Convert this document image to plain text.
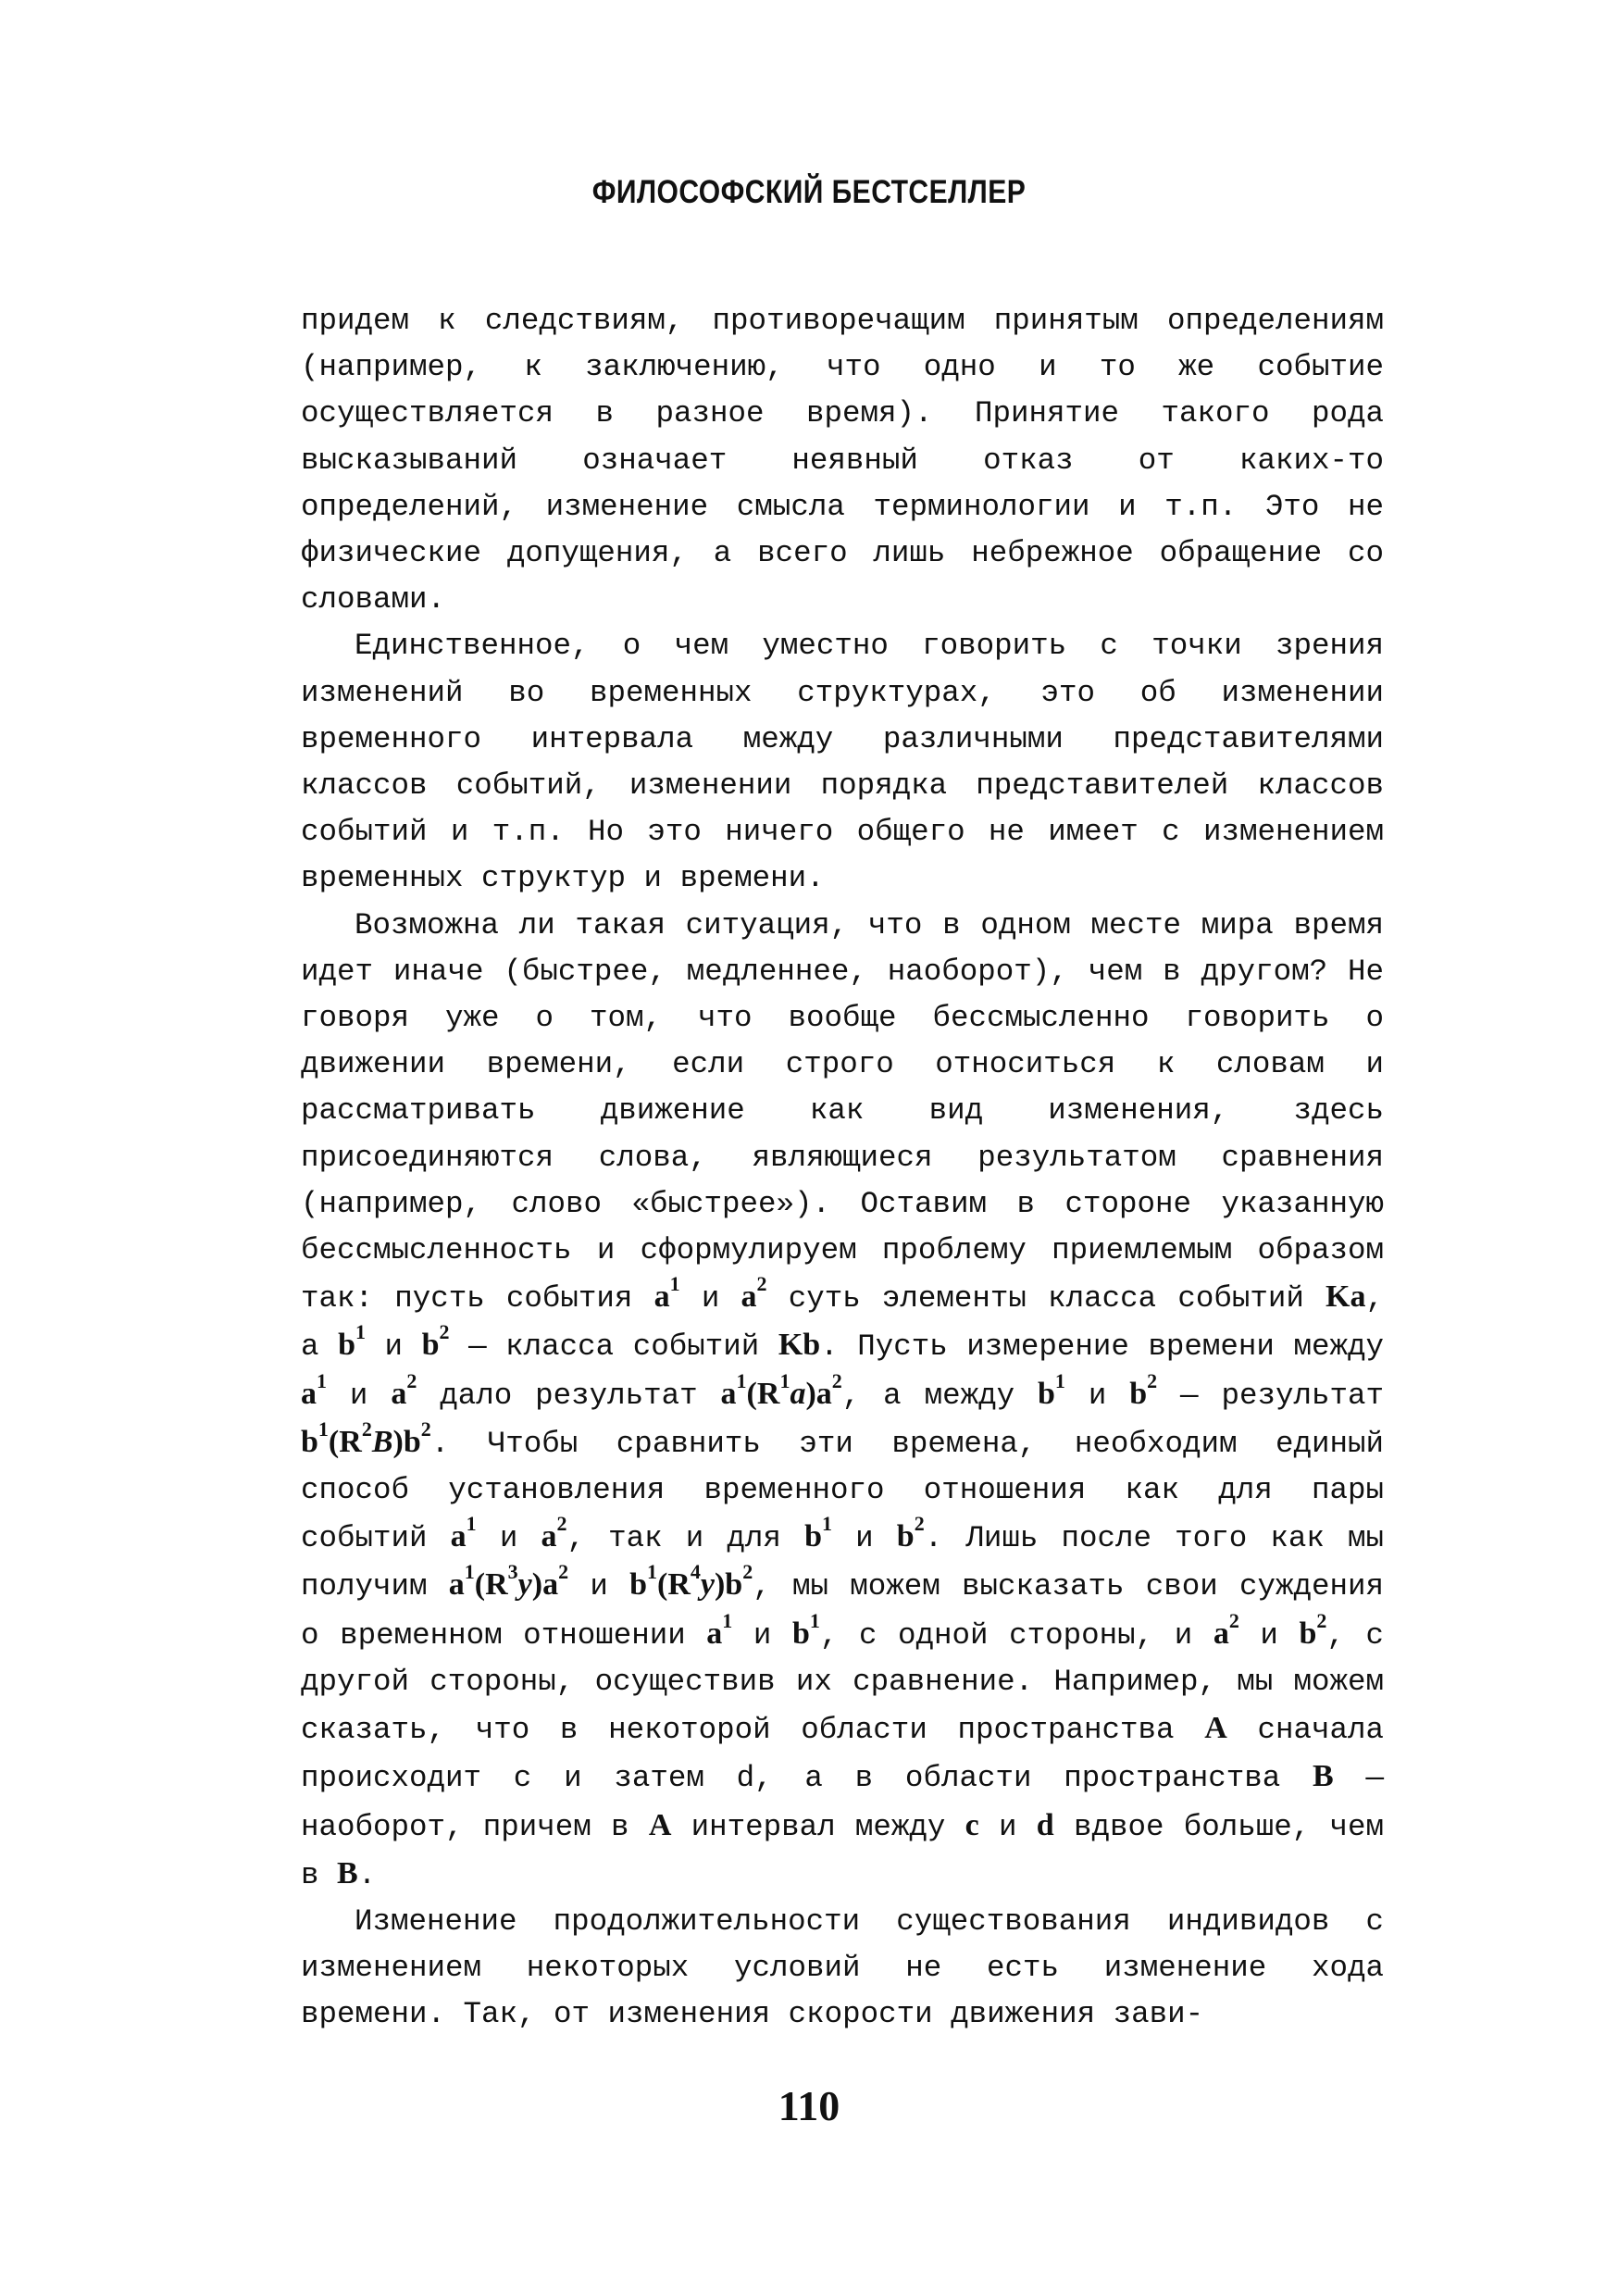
ФИЛОСОФСКИЙ БЕСТСЕЛЛЕР

придем к следствиям, противоречащим принятым определениям (например, к заключению, что одно и то же событие осуществляется в разное время). Принятие такого рода высказываний означает неявный отказ от каких-то определений, изменение смысла терминологии и т.п. Это не физические допущения, а всего лишь небрежное обращение со словами.

Единственное, о чем уместно говорить с точки зрения изменений во временных структурах, это об изменении временного интервала между различными представителями классов событий, изменении порядка представителей классов событий и т.п. Но это ничего общего не имеет с изменением временных структур и времени.

Возможна ли такая ситуация, что в одном месте мира время идет иначе (быстрее, медленнее, наоборот), чем в другом? Не говоря уже о том, что вообще бессмысленно говорить о движении времени, если строго относиться к словам и рассматривать движение как вид изменения, здесь присоединяются слова, являющиеся результатом сравнения (например, слово «быстрее»). Оставим в стороне указанную бессмысленность и сформулируем проблему приемлемым образом так: пусть события $a^1$ и $a^2$ суть элементы класса событий Ka, а $b^1$ и $b^2$ — класса событий Kb. Пусть измерение времени между $a^1$ и $a^2$ дало результат $a^1(R^1a)a^2$, а между $b^1$ и $b^2$ — результат $b^1(R^2B)b^2$. Чтобы сравнить эти времена, необходим единый способ установления временного отношения как для пары событий $a^1$ и $a^2$, так и для $b^1$ и $b^2$. Лишь после того как мы получим $a^1(R^3y)a^2$ и $b^1(R^4y)b^2$, мы можем высказать свои суждения о временном отношении $a^1$ и $b^1$, с одной стороны, и $a^2$ и $b^2$, с другой стороны, осуществив их сравнение. Например, мы можем сказать, что в некоторой области пространства A сначала происходит c и затем d, а в области пространства B — наоборот, причем в A интервал между c и d вдвое больше, чем в B.

Изменение продолжительности существования индивидов с изменением некоторых условий не есть изменение хода времени. Так, от изменения скорости движения зави-

110
